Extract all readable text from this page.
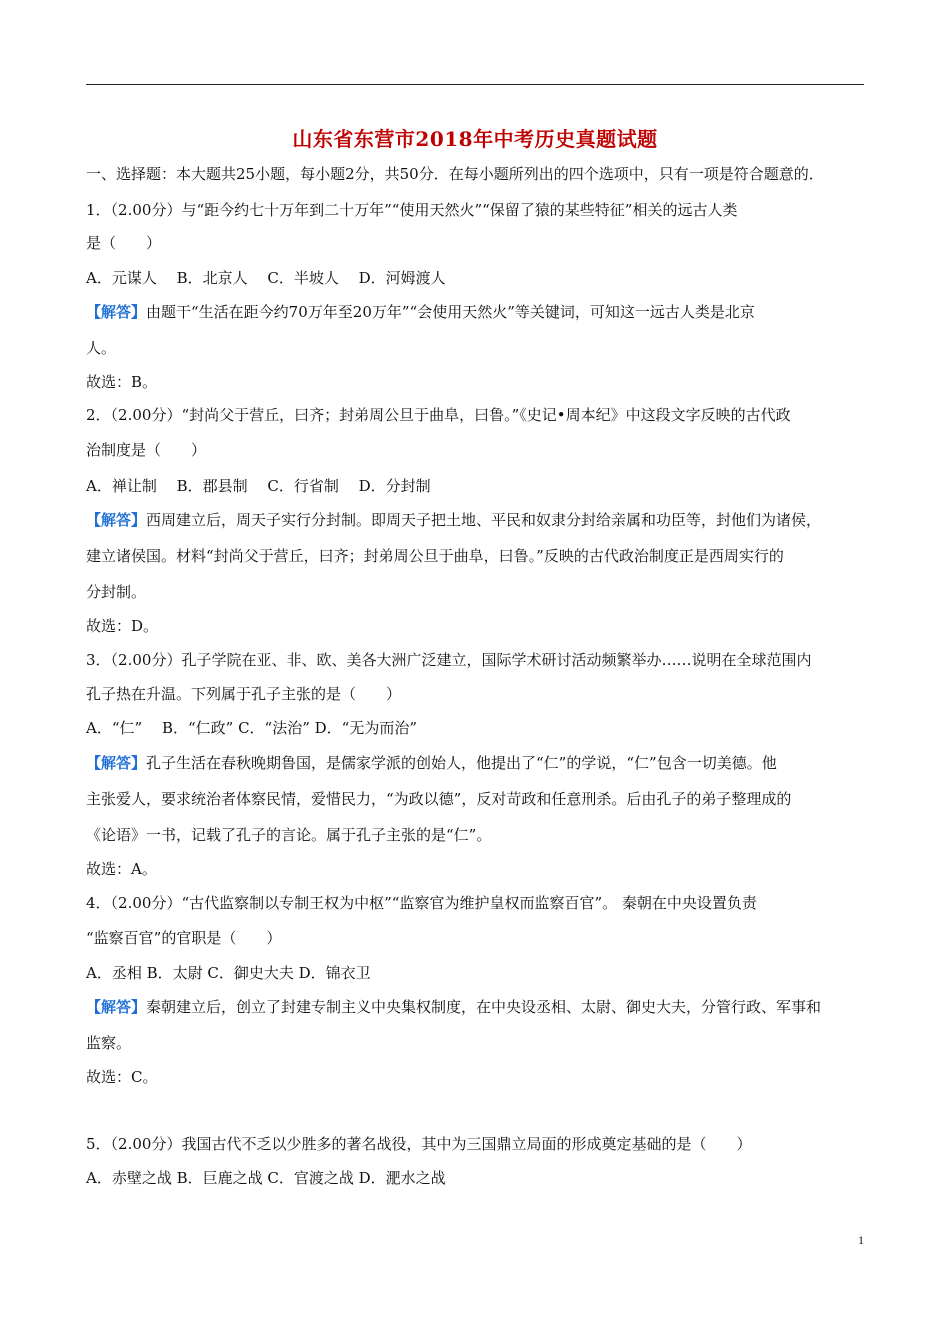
山东省东营市2018年中考历史真题试题
一、选择题：本大题共25小题，每小题2分，共50分．在每小题所列出的四个选项中，只有一项是符合题意的．
1．（2.00分）与“距今约七十万年到二十万年”“使用天然火”“保留了猿的某些特征”相关的远古人类
是（　　）
A．元谋人　 B．北京人　 C．半坡人　 D．河姆渡人
【解答】由题干“生活在距今约70万年至20万年”“会使用天然火”等关键词，可知这一远古人类是北京
人。
故选：B。
2．（2.00分）“封尚父于营丘，曰齐；封弟周公旦于曲阜，曰鲁。”《史记•周本纪》中这段文字反映的古代政
治制度是（　　）
A．禅让制　 B．郡县制　 C．行省制　 D．分封制
【解答】西周建立后，周天子实行分封制。即周天子把土地、平民和奴隶分封给亲属和功臣等，封他们为诸侯，
建立诸侯国。材料“封尚父于营丘，曰齐；封弟周公旦于曲阜，曰鲁。”反映的古代政治制度正是西周实行的
分封制。
故选：D。
3．（2.00分）孔子学院在亚、非、欧、美各大洲广泛建立，国际学术研讨活动频繁举办……说明在全球范围内
孔子热在升温。下列属于孔子主张的是（　　）
A．“仁”　 B．“仁政” C．“法治” D．“无为而治”
【解答】孔子生活在春秋晚期鲁国，是儒家学派的创始人，他提出了“仁”的学说，“仁”包含一切美德。他
主张爱人，要求统治者体察民情，爱惜民力，“为政以德”，反对苛政和任意刑杀。后由孔子的弟子整理成的
《论语》一书，记载了孔子的言论。属于孔子主张的是“仁”。
故选：A。
4．（2.00分）“古代监察制以专制王权为中枢”“监察官为维护皇权而监察百官”。 秦朝在中央设置负责
“监察百官”的官职是（　　）
A．丞相 B．太尉 C．御史大夫 D．锦衣卫
【解答】秦朝建立后，创立了封建专制主义中央集权制度，在中央设丞相、太尉、御史大夫，分管行政、军事和
监察。
故选：C。
5．（2.00分）我国古代不乏以少胜多的著名战役，其中为三国鼎立局面的形成奠定基础的是（　　）
A．赤壁之战 B．巨鹿之战 C．官渡之战 D．淝水之战
1
